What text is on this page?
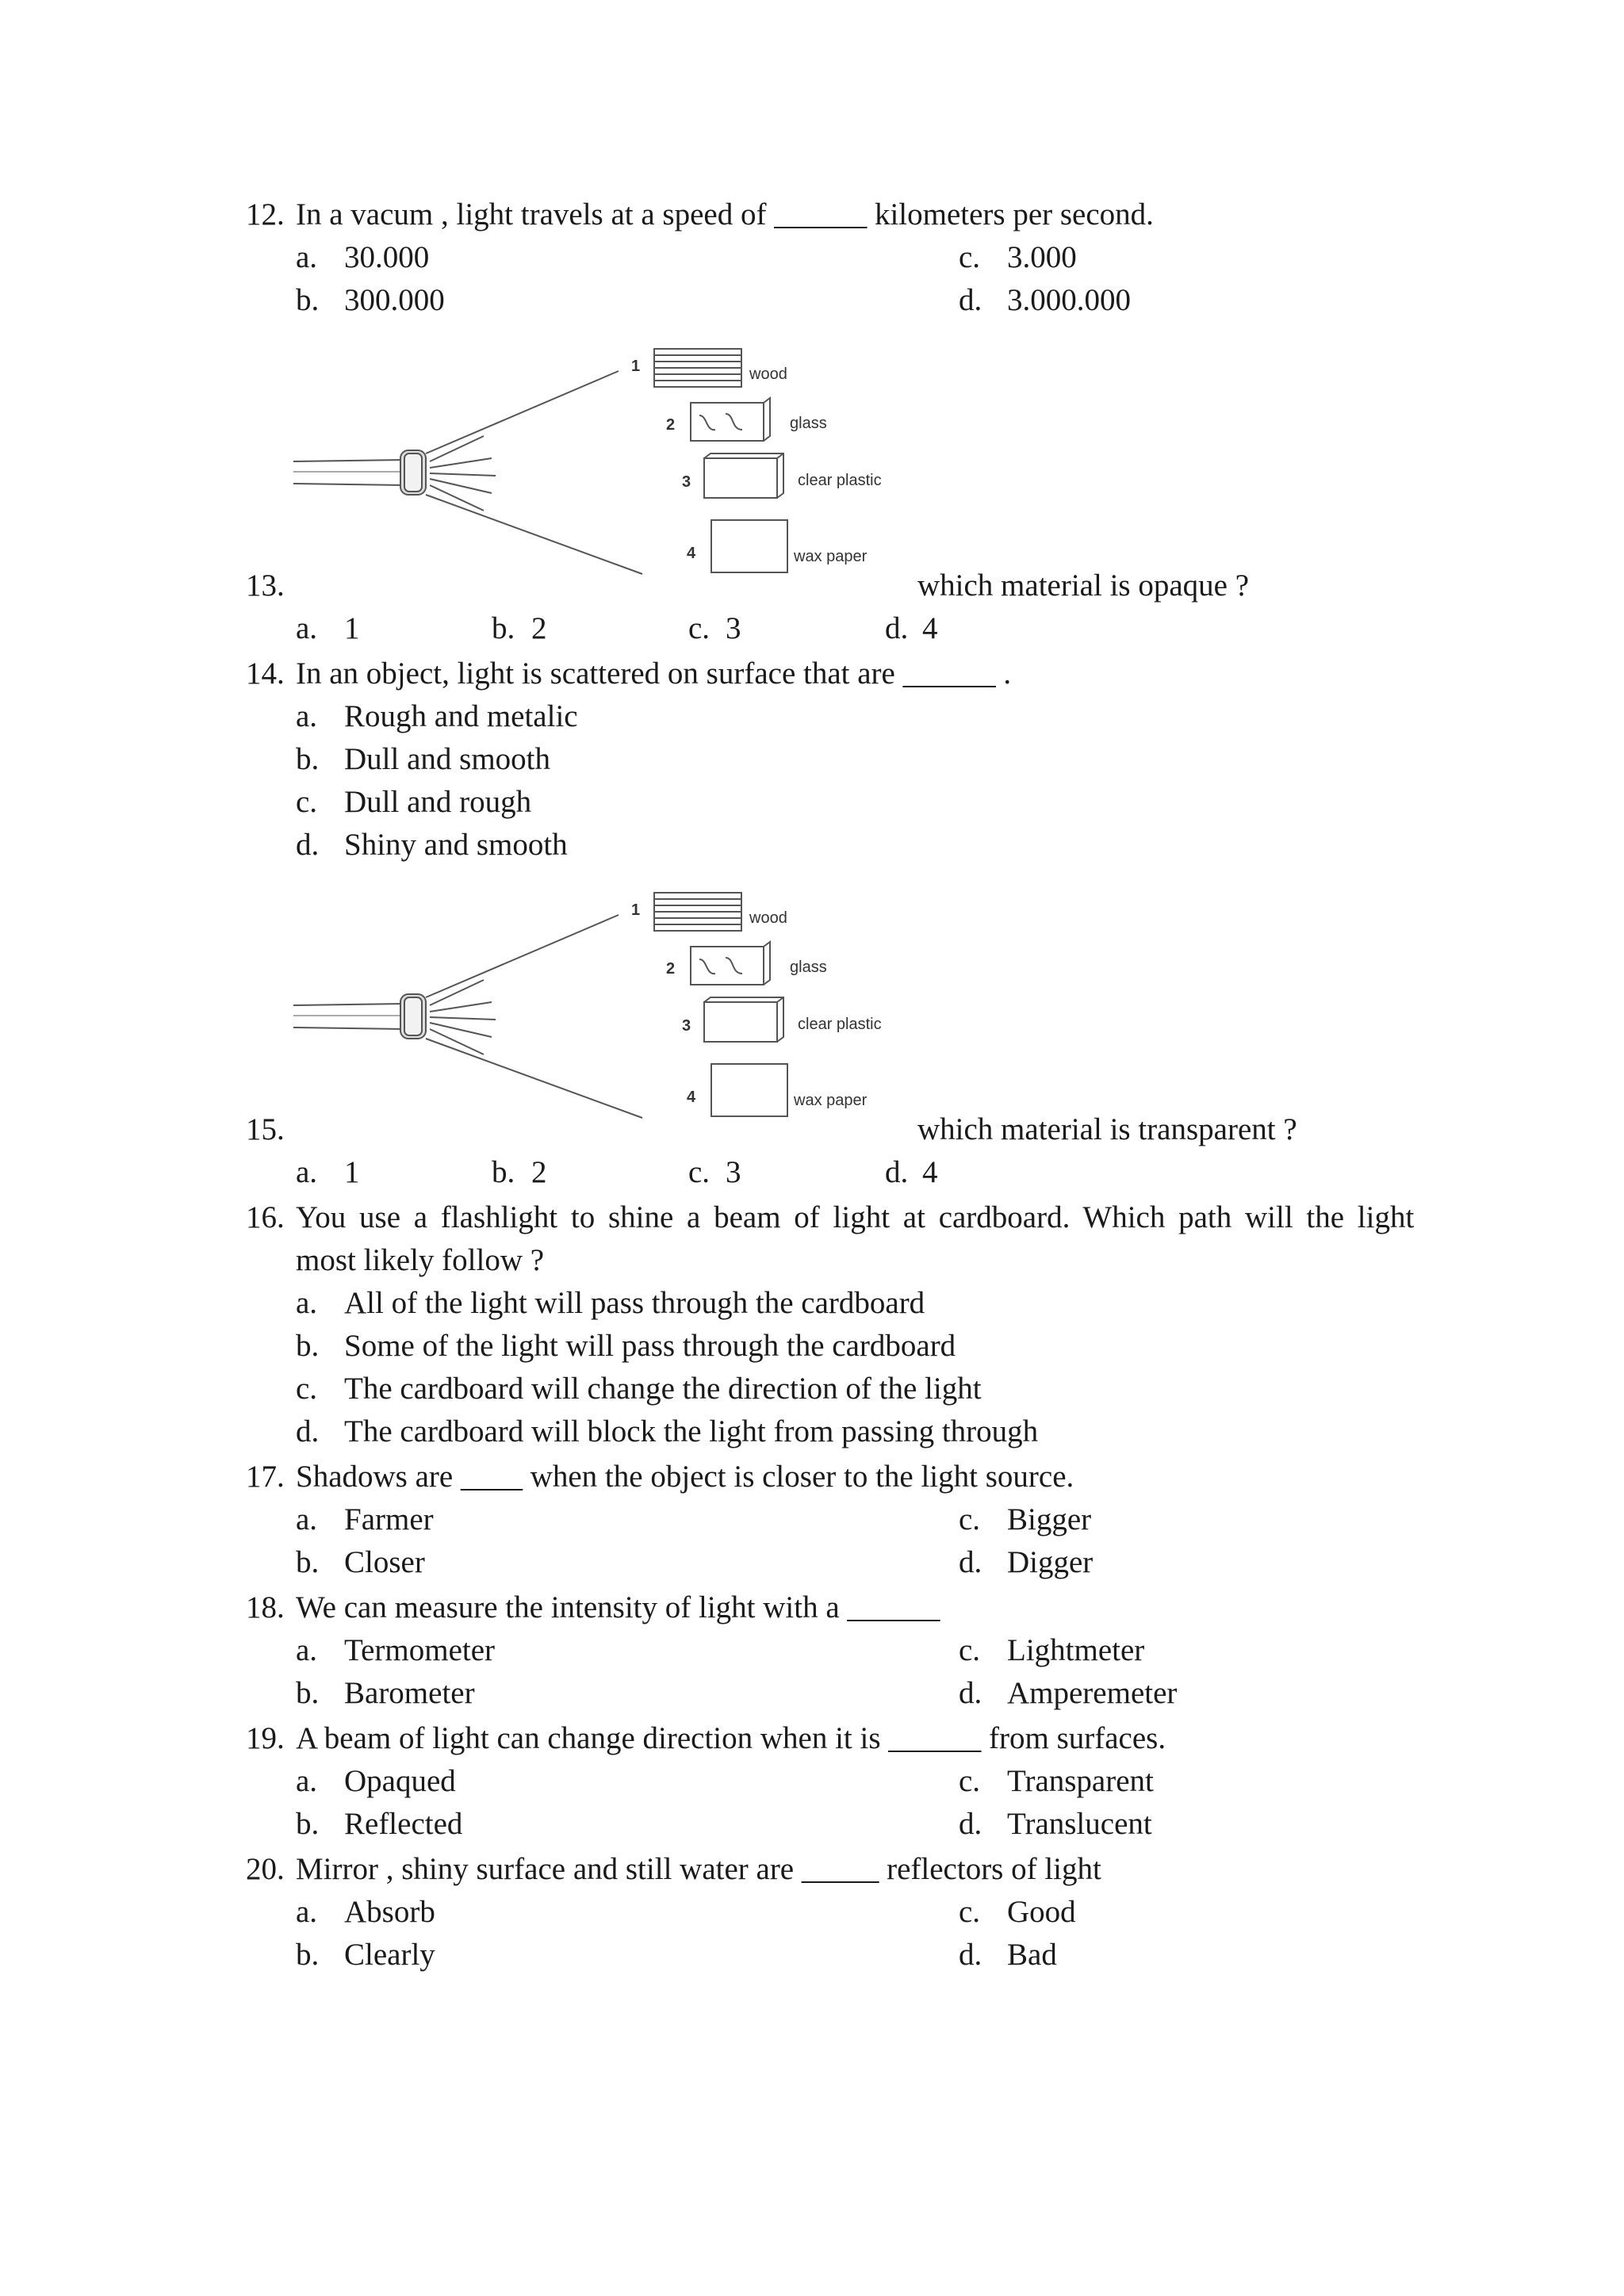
12. In a vacum , light travels at a speed of ______ kilometers per second.
a. 30.000
b. 300.000
c. 3.000
d. 3.000.000
1	wood
2	glass
3	clear plastic
4	wax paper
13.	which material is opaque ?
a. 1	b. 2	c. 3	d. 4
14. In an object, light is scattered on surface that are ______ .
a. Rough and metalic
b. Dull and smooth
c. Dull and rough
d. Shiny and smooth
1	wood
2	glass
3	clear plastic
4	wax paper
15.	which material is transparent ?
a. 1	b. 2	c. 3	d. 4
16. You use a flashlight to shine a beam of light at cardboard. Which path will the light
most likely follow ?
a. All of the light will pass through the cardboard
b. Some of the light will pass through the cardboard
c. The cardboard will change the direction of the light
d. The cardboard will block the light from passing through
17. Shadows are ____ when the object is closer to the light source.
a. Farmer
b. Closer
c. Bigger
d. Digger
18. We can measure the intensity of light with a ______
a. Termometer
b. Barometer
c. Lightmeter
d. Amperemeter
19. A beam of light can change direction when it is ______ from surfaces.
a. Opaqued
b. Reflected
c. Transparent
d. Translucent
20. Mirror , shiny surface and still water are _____ reflectors of light
a. Absorb
b. Clearly
c. Good
d. Bad
